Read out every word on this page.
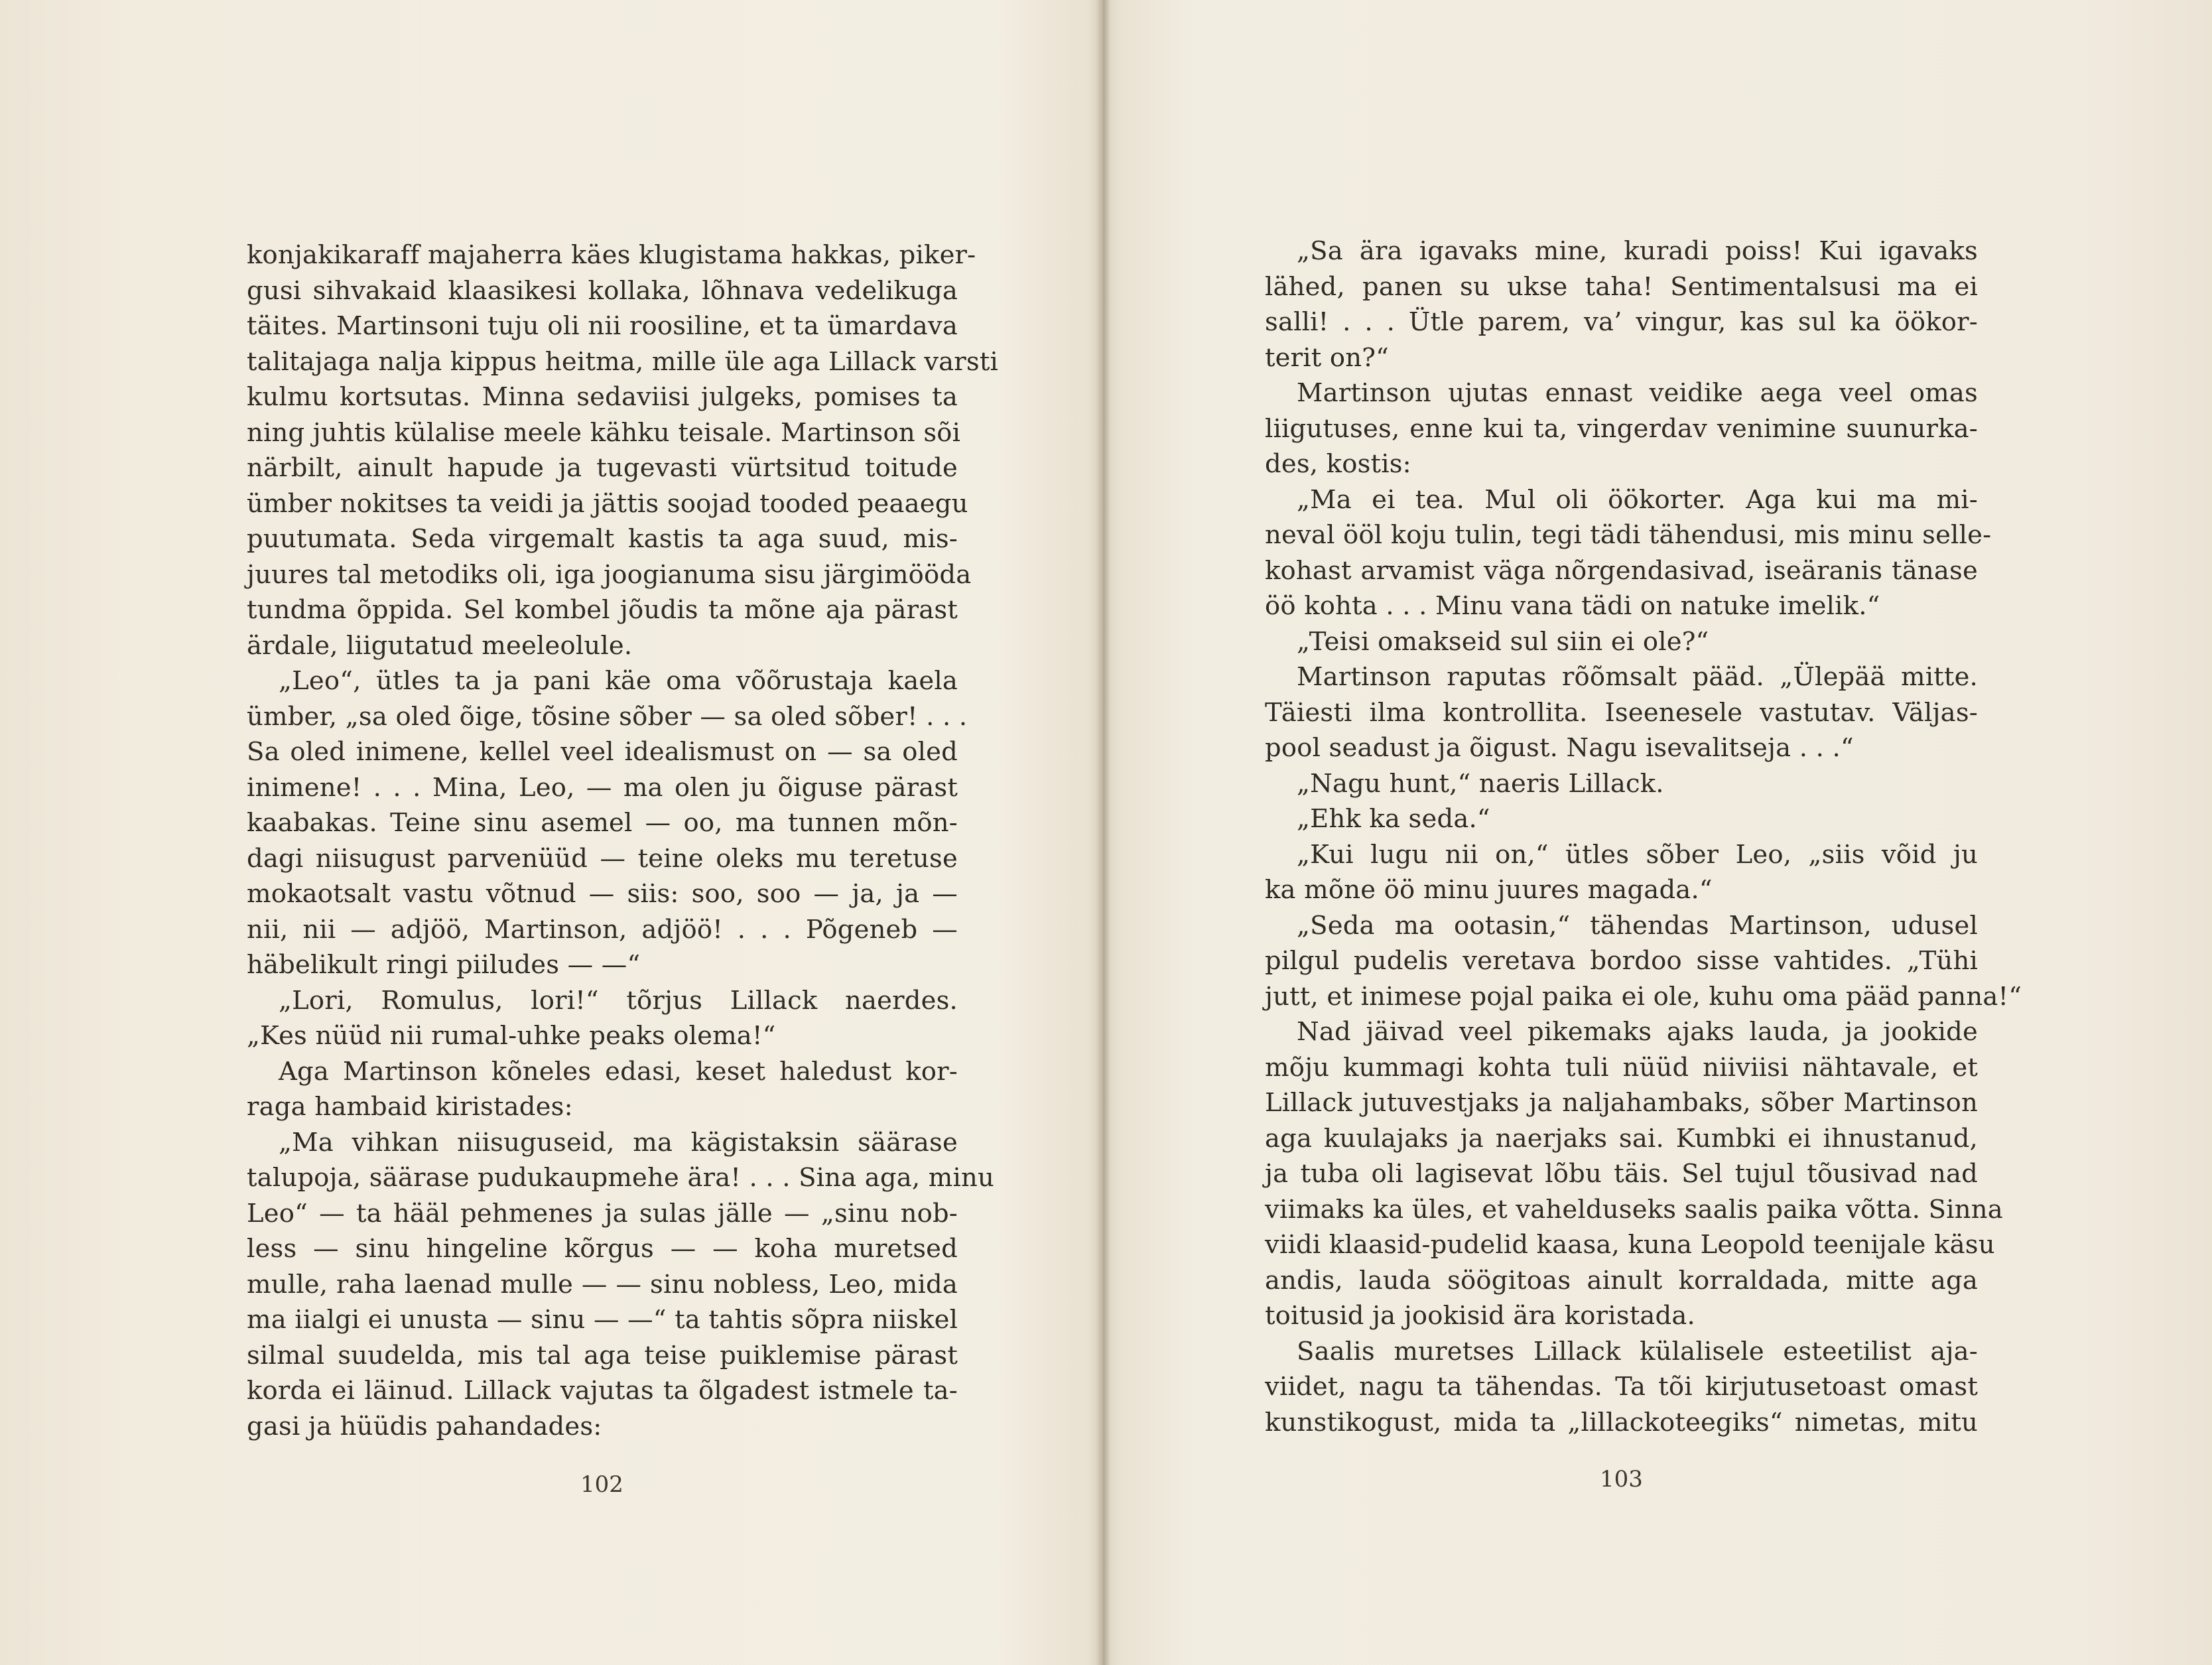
konjakikaraff majaherra käes klugistama hakkas, piker-
gusi sihvakaid klaasikesi kollaka, lõhnava vedelikuga
täites. Martinsoni tuju oli nii roosiline, et ta ümardava
talitajaga nalja kippus heitma, mille üle aga Lillack varsti
kulmu kortsutas. Minna sedaviisi julgeks, pomises ta
ning juhtis külalise meele kähku teisale. Martinson sõi
närbilt, ainult hapude ja tugevasti vürtsitud toitude
ümber nokitses ta veidi ja jättis soojad tooded peaaegu
puutumata. Seda virgemalt kastis ta aga suud, mis-
juures tal metodiks oli, iga joogianuma sisu järgimööda
tundma õppida. Sel kombel jõudis ta mõne aja pärast
ärdale, liigutatud meeleolule.
„Leo“, ütles ta ja pani käe oma võõrustaja kaela
ümber, „sa oled õige, tõsine sõber — sa oled sõber! . . .
Sa oled inimene, kellel veel idealismust on — sa oled
inimene! . . . Mina, Leo, — ma olen ju õiguse pärast
kaabakas. Teine sinu asemel — oo, ma tunnen mõn-
dagi niisugust parvenüüd — teine oleks mu teretuse
mokaotsalt vastu võtnud — siis: soo, soo — ja, ja —
nii, nii — adjöö, Martinson, adjöö! . . . Põgeneb —
häbelikult ringi piiludes — —“
„Lori, Romulus, lori!“ tõrjus Lillack naerdes.
„Kes nüüd nii rumal-uhke peaks olema!“
Aga Martinson kõneles edasi, keset haledust kor-
raga hambaid kiristades:
„Ma vihkan niisuguseid, ma kägistaksin säärase
talupoja, säärase pudukaupmehe ära! . . . Sina aga, minu
Leo“ — ta hääl pehmenes ja sulas jälle — „sinu nob-
less — sinu hingeline kõrgus — — koha muretsed
mulle, raha laenad mulle — — sinu nobless, Leo, mida
ma iialgi ei unusta — sinu — —“ ta tahtis sõpra niiskel
silmal suudelda, mis tal aga teise puiklemise pärast
korda ei läinud. Lillack vajutas ta õlgadest istmele ta-
gasi ja hüüdis pahandades:
102
„Sa ära igavaks mine, kuradi poiss! Kui igavaks
lähed, panen su ukse taha! Sentimentalsusi ma ei
salli! . . . Ütle parem, va’ vingur, kas sul ka öökor-
terit on?“
Martinson ujutas ennast veidike aega veel omas
liigutuses, enne kui ta, vingerdav venimine suunurka-
des, kostis:
„Ma ei tea. Mul oli öökorter. Aga kui ma mi-
neval ööl koju tulin, tegi tädi tähendusi, mis minu selle-
kohast arvamist väga nõrgendasivad, iseäranis tänase
öö kohta . . . Minu vana tädi on natuke imelik.“
„Teisi omakseid sul siin ei ole?“
Martinson raputas rõõmsalt pääd. „Ülepää mitte.
Täiesti ilma kontrollita. Iseenesele vastutav. Väljas-
pool seadust ja õigust. Nagu isevalitseja . . .“
„Nagu hunt,“ naeris Lillack.
„Ehk ka seda.“
„Kui lugu nii on,“ ütles sõber Leo, „siis võid ju
ka mõne öö minu juures magada.“
„Seda ma ootasin,“ tähendas Martinson, udusel
pilgul pudelis veretava bordoo sisse vahtides. „Tühi
jutt, et inimese pojal paika ei ole, kuhu oma pääd panna!“
Nad jäivad veel pikemaks ajaks lauda, ja jookide
mõju kummagi kohta tuli nüüd niiviisi nähtavale, et
Lillack jutuvestjaks ja naljahambaks, sõber Martinson
aga kuulajaks ja naerjaks sai. Kumbki ei ihnustanud,
ja tuba oli lagisevat lõbu täis. Sel tujul tõusivad nad
viimaks ka üles, et vahelduseks saalis paika võtta. Sinna
viidi klaasid-pudelid kaasa, kuna Leopold teenijale käsu
andis, lauda söögitoas ainult korraldada, mitte aga
toitusid ja jookisid ära koristada.
Saalis muretses Lillack külalisele esteetilist aja-
viidet, nagu ta tähendas. Ta tõi kirjutusetoast omast
kunstikogust, mida ta „lillackoteegiks“ nimetas, mitu
103
